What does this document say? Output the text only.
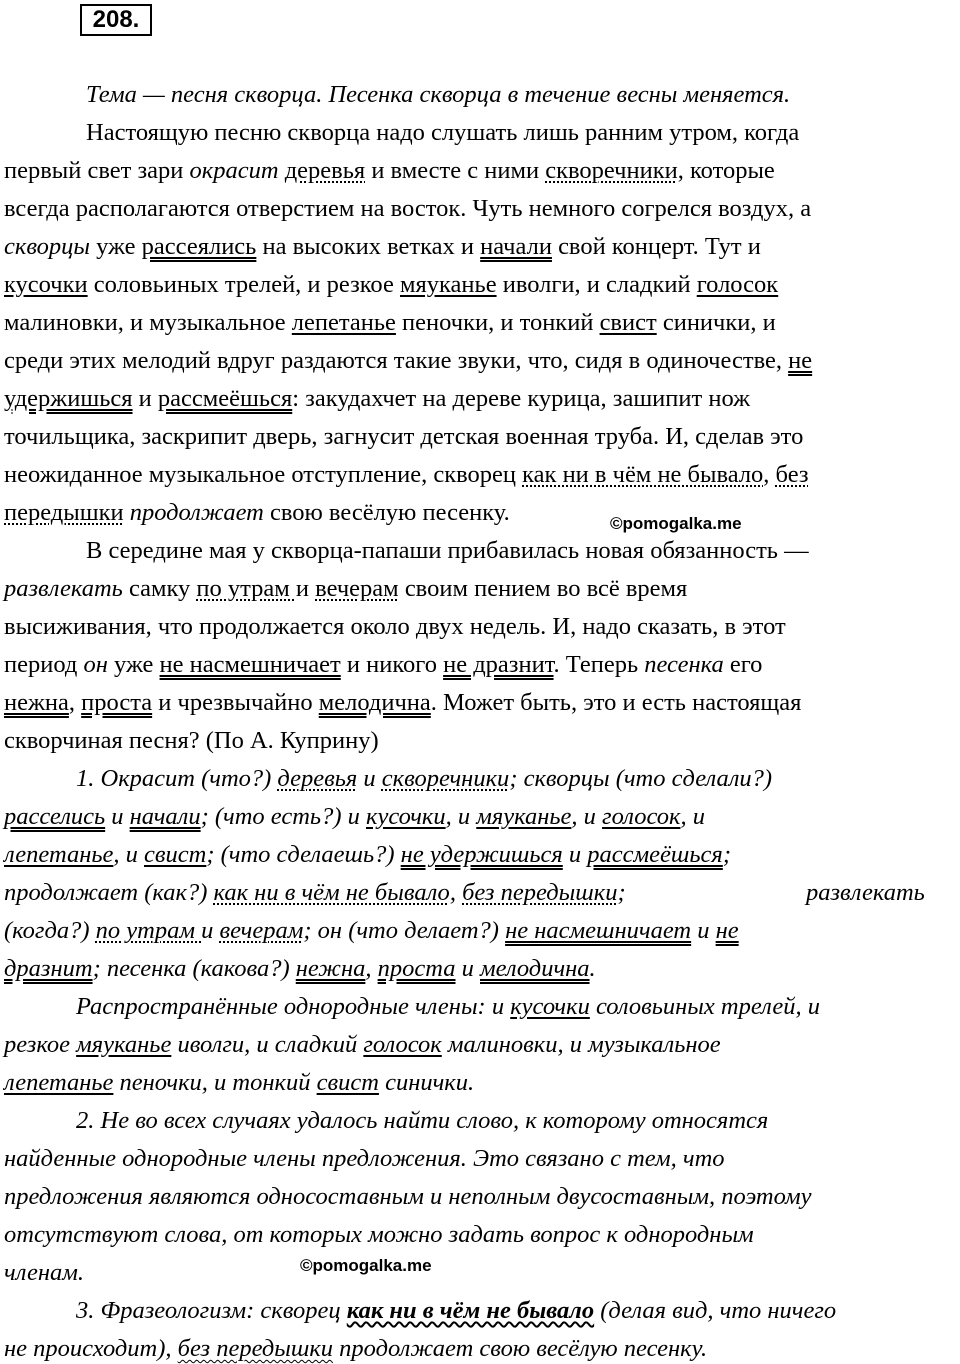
208.
Тема — песня скворца. Песенка скворца в течение весны меняется.
Настоящую песню скворца надо слушать лишь ранним утром, когда
первый свет зари окрасит деревья и вместе с ними скворечники, которые
всегда располагаются отверстием на восток. Чуть немного согрелся воздух, а
скворцы уже рассеялись на высоких ветках и начали свой концерт. Тут и
кусочки соловьиных трелей, и резкое мяуканье иволги, и сладкий голосок
малиновки, и музыкальное лепетанье пеночки, и тонкий свист синички, и
среди этих мелодий вдруг раздаются такие звуки, что, сидя в одиночестве, не
удержишься и рассмеёшься: закудахчет на дереве курица, зашипит нож
точильщика, заскрипит дверь, загнусит детская военная труба. И, сделав это
неожиданное музыкальное отступление, скворец как ни в чём не бывало, без
передышки продолжает свою весёлую песенку.	©pomogalka.me
В середине мая у скворца-папаши прибавилась новая обязанность —
развлекать самку по утрам и вечерам своим пением во всё время
высиживания, что продолжается около двух недель. И, надо сказать, в этот
период он уже не насмешничает и никого не дразнит. Теперь песенка его
нежна, проста и чрезвычайно мелодична. Может быть, это и есть настоящая
скворчиная песня? (По А. Куприну)
1. Окрасит (что?) деревья и скворечники; скворцы (что сделали?)
расселись и начали; (что есть?) и кусочки, и мяуканье, и голосок, и
лепетанье, и свист; (что сделаешь?) не удержишься и рассмеёшься;
продолжает (как?) как ни в чём не бывало, без передышки;	развлекать
(когда?) по утрам и вечерам; он (что делает?) не насмешничает и не
дразнит; песенка (какова?) нежна, проста и мелодична.
Распространённые однородные члены: и кусочки соловьиных трелей, и
резкое мяуканье иволги, и сладкий голосок малиновки, и музыкальное
лепетанье пеночки, и тонкий свист синички.
2. Не во всех случаях удалось найти слово, к которому относятся
найденные однородные члены предложения. Это связано с тем, что
предложения являются односоставным и неполным двусоставным, поэтому
отсутствуют слова, от которых можно задать вопрос к однородным
членам.	©pomogalka.me
3. Фразеологизм: скворец как ни в чём не бывало (делая вид, что ничего
не происходит), без передышки продолжает свою весёлую песенку.
